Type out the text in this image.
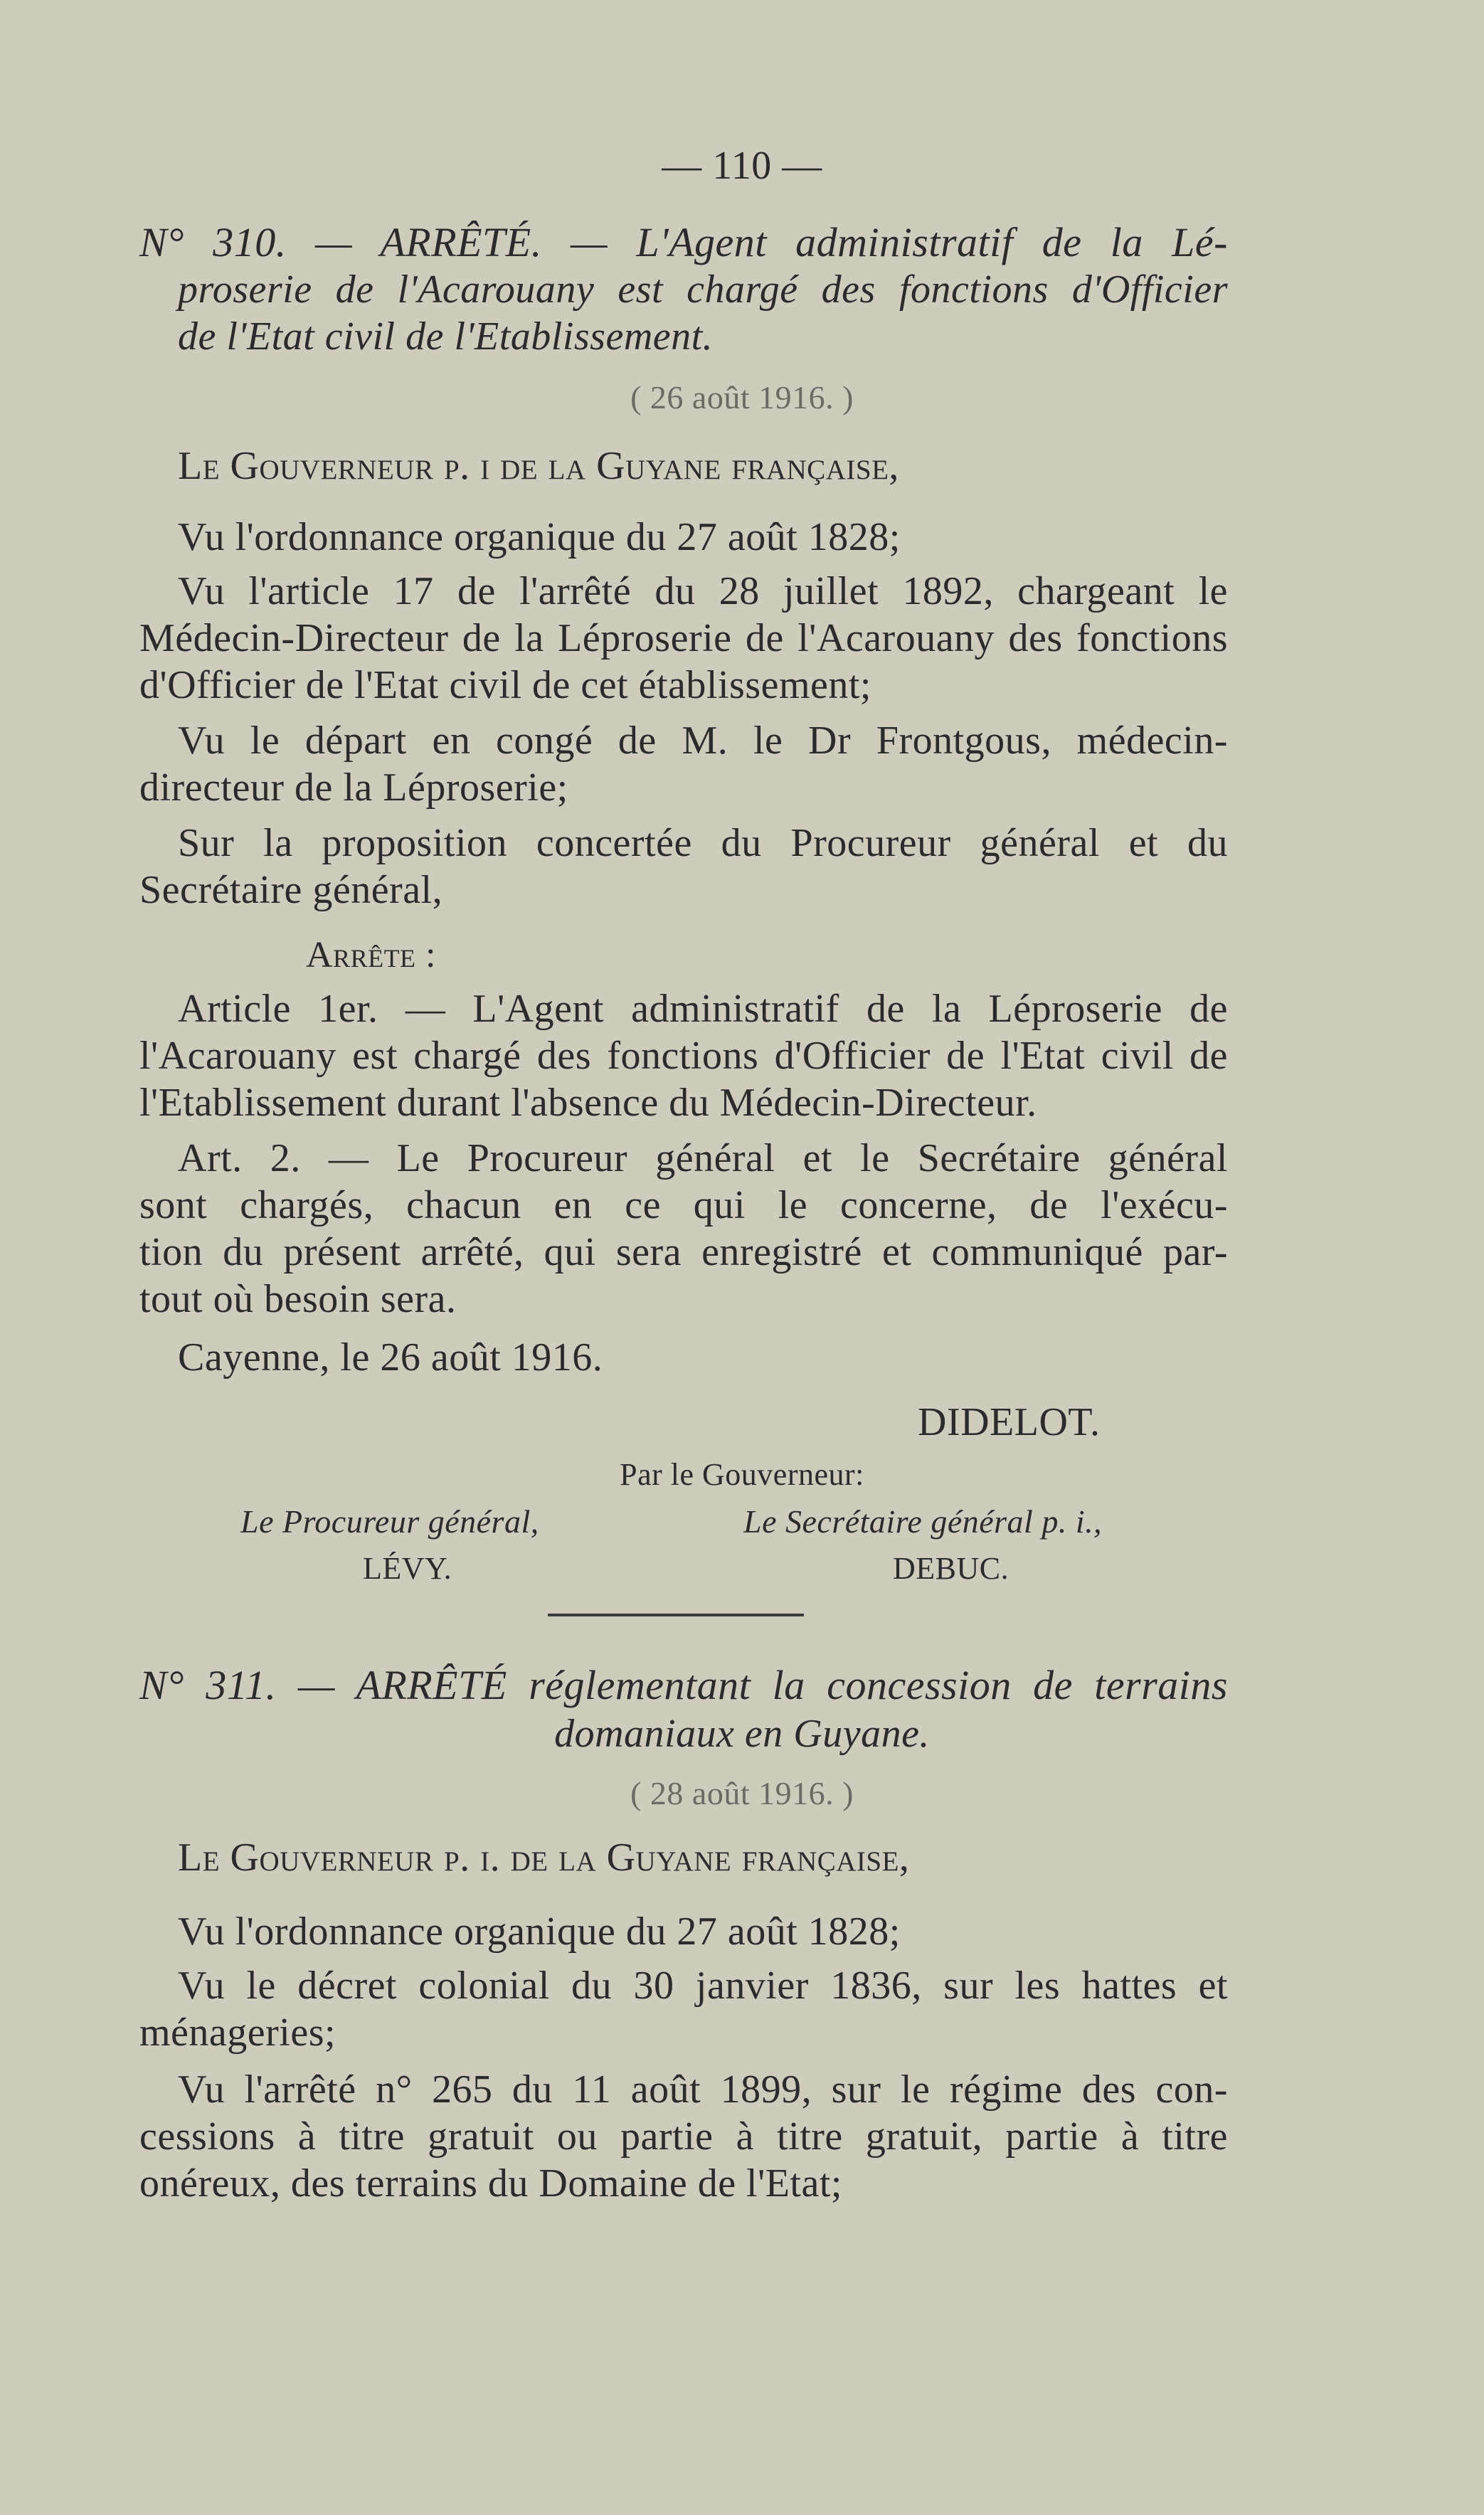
— 110 —
N° 310. — ARRÊTÉ. — L'Agent administratif de la Lé-
proserie de l'Acarouany est chargé des fonctions d'Officier
de l'Etat civil de l'Etablissement.
( 26 août 1916. )
Le Gouverneur p. i de la Guyane française,
Vu l'ordonnance organique du 27 août 1828;
Vu l'article 17 de l'arrêté du 28 juillet 1892, chargeant le
Médecin-Directeur de la Léproserie de l'Acarouany des fonctions
d'Officier de l'Etat civil de cet établissement;
Vu le départ en congé de M. le Dr Frontgous, médecin-
directeur de la Léproserie;
Sur la proposition concertée du Procureur général et du
Secrétaire général,
Arrête :
Article 1er. — L'Agent administratif de la Léproserie de
l'Acarouany est chargé des fonctions d'Officier de l'Etat civil de
l'Etablissement durant l'absence du Médecin-Directeur.
Art. 2. — Le Procureur général et le Secrétaire général
sont chargés, chacun en ce qui le concerne, de l'exécu-
tion du présent arrêté, qui sera enregistré et communiqué par-
tout où besoin sera.
Cayenne, le 26 août 1916.
DIDELOT.
Par le Gouverneur:
Le Procureur général,	Le Secrétaire général p. i.,
LÉVY.	DEBUC.
N° 311. — ARRÊTÉ réglementant la concession de terrains
domaniaux en Guyane.
( 28 août 1916. )
Le Gouverneur p. i. de la Guyane française,
Vu l'ordonnance organique du 27 août 1828;
Vu le décret colonial du 30 janvier 1836, sur les hattes et
ménageries;
Vu l'arrêté n° 265 du 11 août 1899, sur le régime des con-
cessions à titre gratuit ou partie à titre gratuit, partie à titre
onéreux, des terrains du Domaine de l'Etat;
